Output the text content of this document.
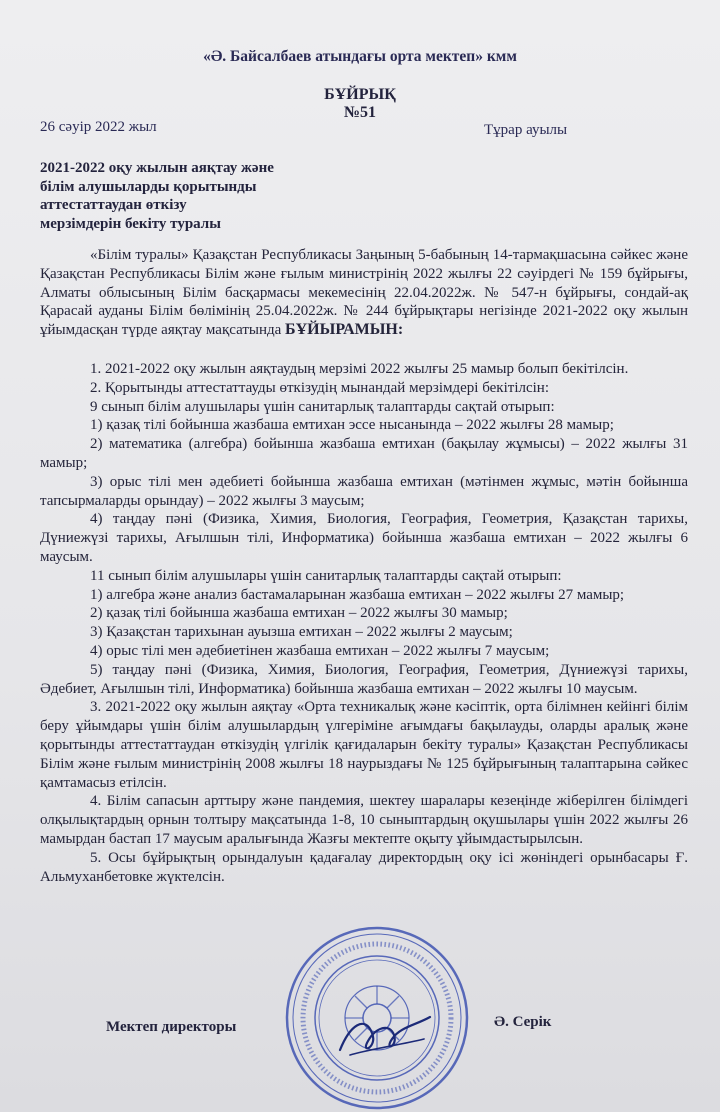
«Ә. Байсалбаев атындағы орта мектеп» кмм
БҰЙРЫҚ
№51
26 сәуір 2022 жыл	Тұрар ауылы
2021-2022 оқу жылын аяқтау және
білім алушыларды қорытынды
аттестаттаудан өткізу
мерзімдерін бекіту туралы

«Білім туралы» Қазақстан Республикасы Заңының 5-бабының 14-тармақшасына сәйкес және Қазақстан Республикасы Білім және ғылым министрінің 2022 жылғы 22 сәуірдегі № 159 бұйрығы, Алматы облысының Білім басқармасы мекемесінің 22.04.2022ж. № 547-н бұйрығы, сондай-ақ Қарасай ауданы Білім бөлімінің 25.04.2022ж. № 244 бұйрықтары негізінде 2021-2022 оқу жылын ұйымдасқан түрде аяқтау мақсатында БҰЙЫРАМЫН:

1. 2021-2022 оқу жылын аяқтаудың мерзімі 2022 жылғы 25 мамыр болып бекітілсін.

2. Қорытынды аттестаттауды өткізудің мынандай мерзімдері бекітілсін:

9 сынып білім алушылары үшін санитарлық талаптарды сақтай отырып:

1) қазақ тілі бойынша жазбаша емтихан эссе нысанында – 2022 жылғы 28 мамыр;

2) математика (алгебра) бойынша жазбаша емтихан (бақылау жұмысы) – 2022 жылғы 31 мамыр;

3) орыс тілі мен әдебиеті бойынша жазбаша емтихан (мәтінмен жұмыс, мәтін бойынша тапсырмаларды орындау) – 2022 жылғы 3 маусым;

4) таңдау пәні (Физика, Химия, Биология, География, Геометрия, Қазақстан тарихы, Дүниежүзі тарихы, Ағылшын тілі, Информатика) бойынша жазбаша емтихан – 2022 жылғы 6 маусым.

11 сынып білім алушылары үшін санитарлық талаптарды сақтай отырып:

1) алгебра және анализ бастамаларынан жазбаша емтихан – 2022 жылғы 27 мамыр;

2) қазақ тілі бойынша жазбаша емтихан – 2022 жылғы 30 мамыр;

3) Қазақстан тарихынан ауызша емтихан – 2022 жылғы 2 маусым;

4) орыс тілі мен әдебиетінен жазбаша емтихан – 2022 жылғы 7 маусым;

5) таңдау пәні (Физика, Химия, Биология, География, Геометрия, Дүниежүзі тарихы, Әдебиет, Ағылшын тілі, Информатика) бойынша жазбаша емтихан – 2022 жылғы 10 маусым.

3. 2021-2022 оқу жылын аяқтау «Орта техникалық және кәсіптік, орта білімнен кейінгі білім беру ұйымдары үшін білім алушылардың үлгеріміне ағымдағы бақылауды, оларды аралық және қорытынды аттестаттаудан өткізудің үлгілік қағидаларын бекіту туралы» Қазақстан Республикасы Білім және ғылым министрінің 2008 жылғы 18 наурыздағы № 125 бұйрығының талаптарына сәйкес қамтамасыз етілсін.

4. Білім сапасын арттыру және пандемия, шектеу шаралары кезеңінде жіберілген білімдегі олқылықтардың орнын толтыру мақсатында 1-8, 10 сыныптардың оқушылары үшін 2022 жылғы 26 мамырдан бастап 17 маусым аралығында Жазғы мектепте оқыту ұйымдастырылсын.

5. Осы бұйрықтың орындалуын қадағалау директордың оқу ісі жөніндегі орынбасары Ғ. Альмуханбетовке жүктелсін.

Мектеп директоры	Ә. Серік
